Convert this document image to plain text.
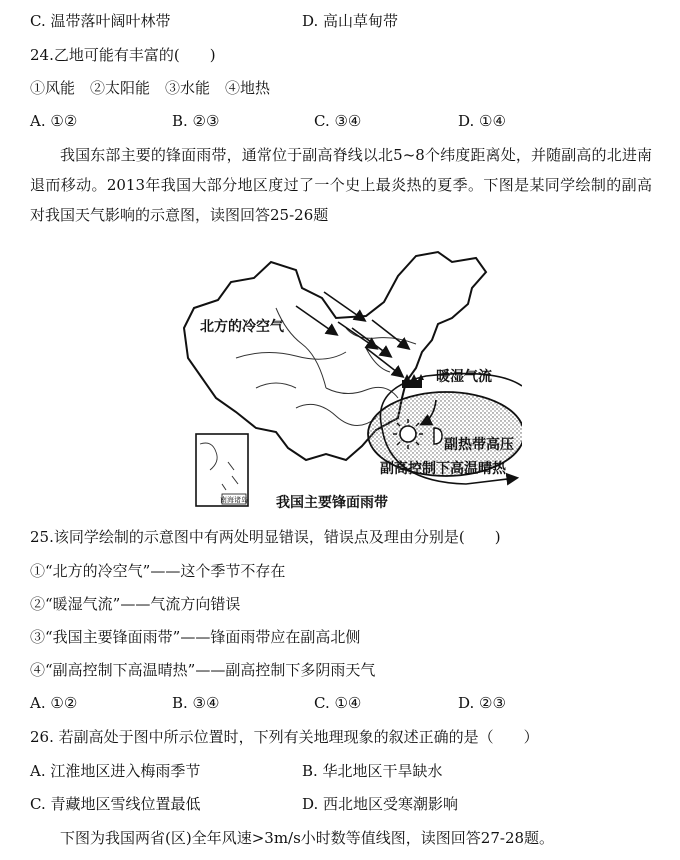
C. 温带落叶阔叶林带	D. 高山草甸带
24.乙地可能有丰富的(　　)
①风能　②太阳能　③水能　④地热
A. ①②	B. ②③	C. ③④	D. ①④
我国东部主要的锋面雨带，通常位于副高脊线以北5~8个纬度距离处，并随副高的北进南退而移动。2013年我国大部分地区度过了一个史上最炎热的夏季。下图是某同学绘制的副高对我国天气影响的示意图，读图回答25-26题
南海诸岛
北方的冷空气
暖湿气流
副热带高压
副高控制下高温晴热
我国主要锋面雨带
25.该同学绘制的示意图中有两处明显错误，错误点及理由分别是(　　)
①“北方的冷空气”——这个季节不存在
②“暖湿气流”——气流方向错误
③“我国主要锋面雨带”——锋面雨带应在副高北侧
④“副高控制下高温晴热”——副高控制下多阴雨天气
A. ①②	B. ③④	C. ①④	D. ②③
26. 若副高处于图中所示位置时，下列有关地理现象的叙述正确的是（　　）
A. 江淮地区进入梅雨季节	B. 华北地区干旱缺水
C. 青藏地区雪线位置最低	D. 西北地区受寒潮影响
下图为我国两省(区)全年风速>3m/s小时数等值线图，读图回答27-28题。
